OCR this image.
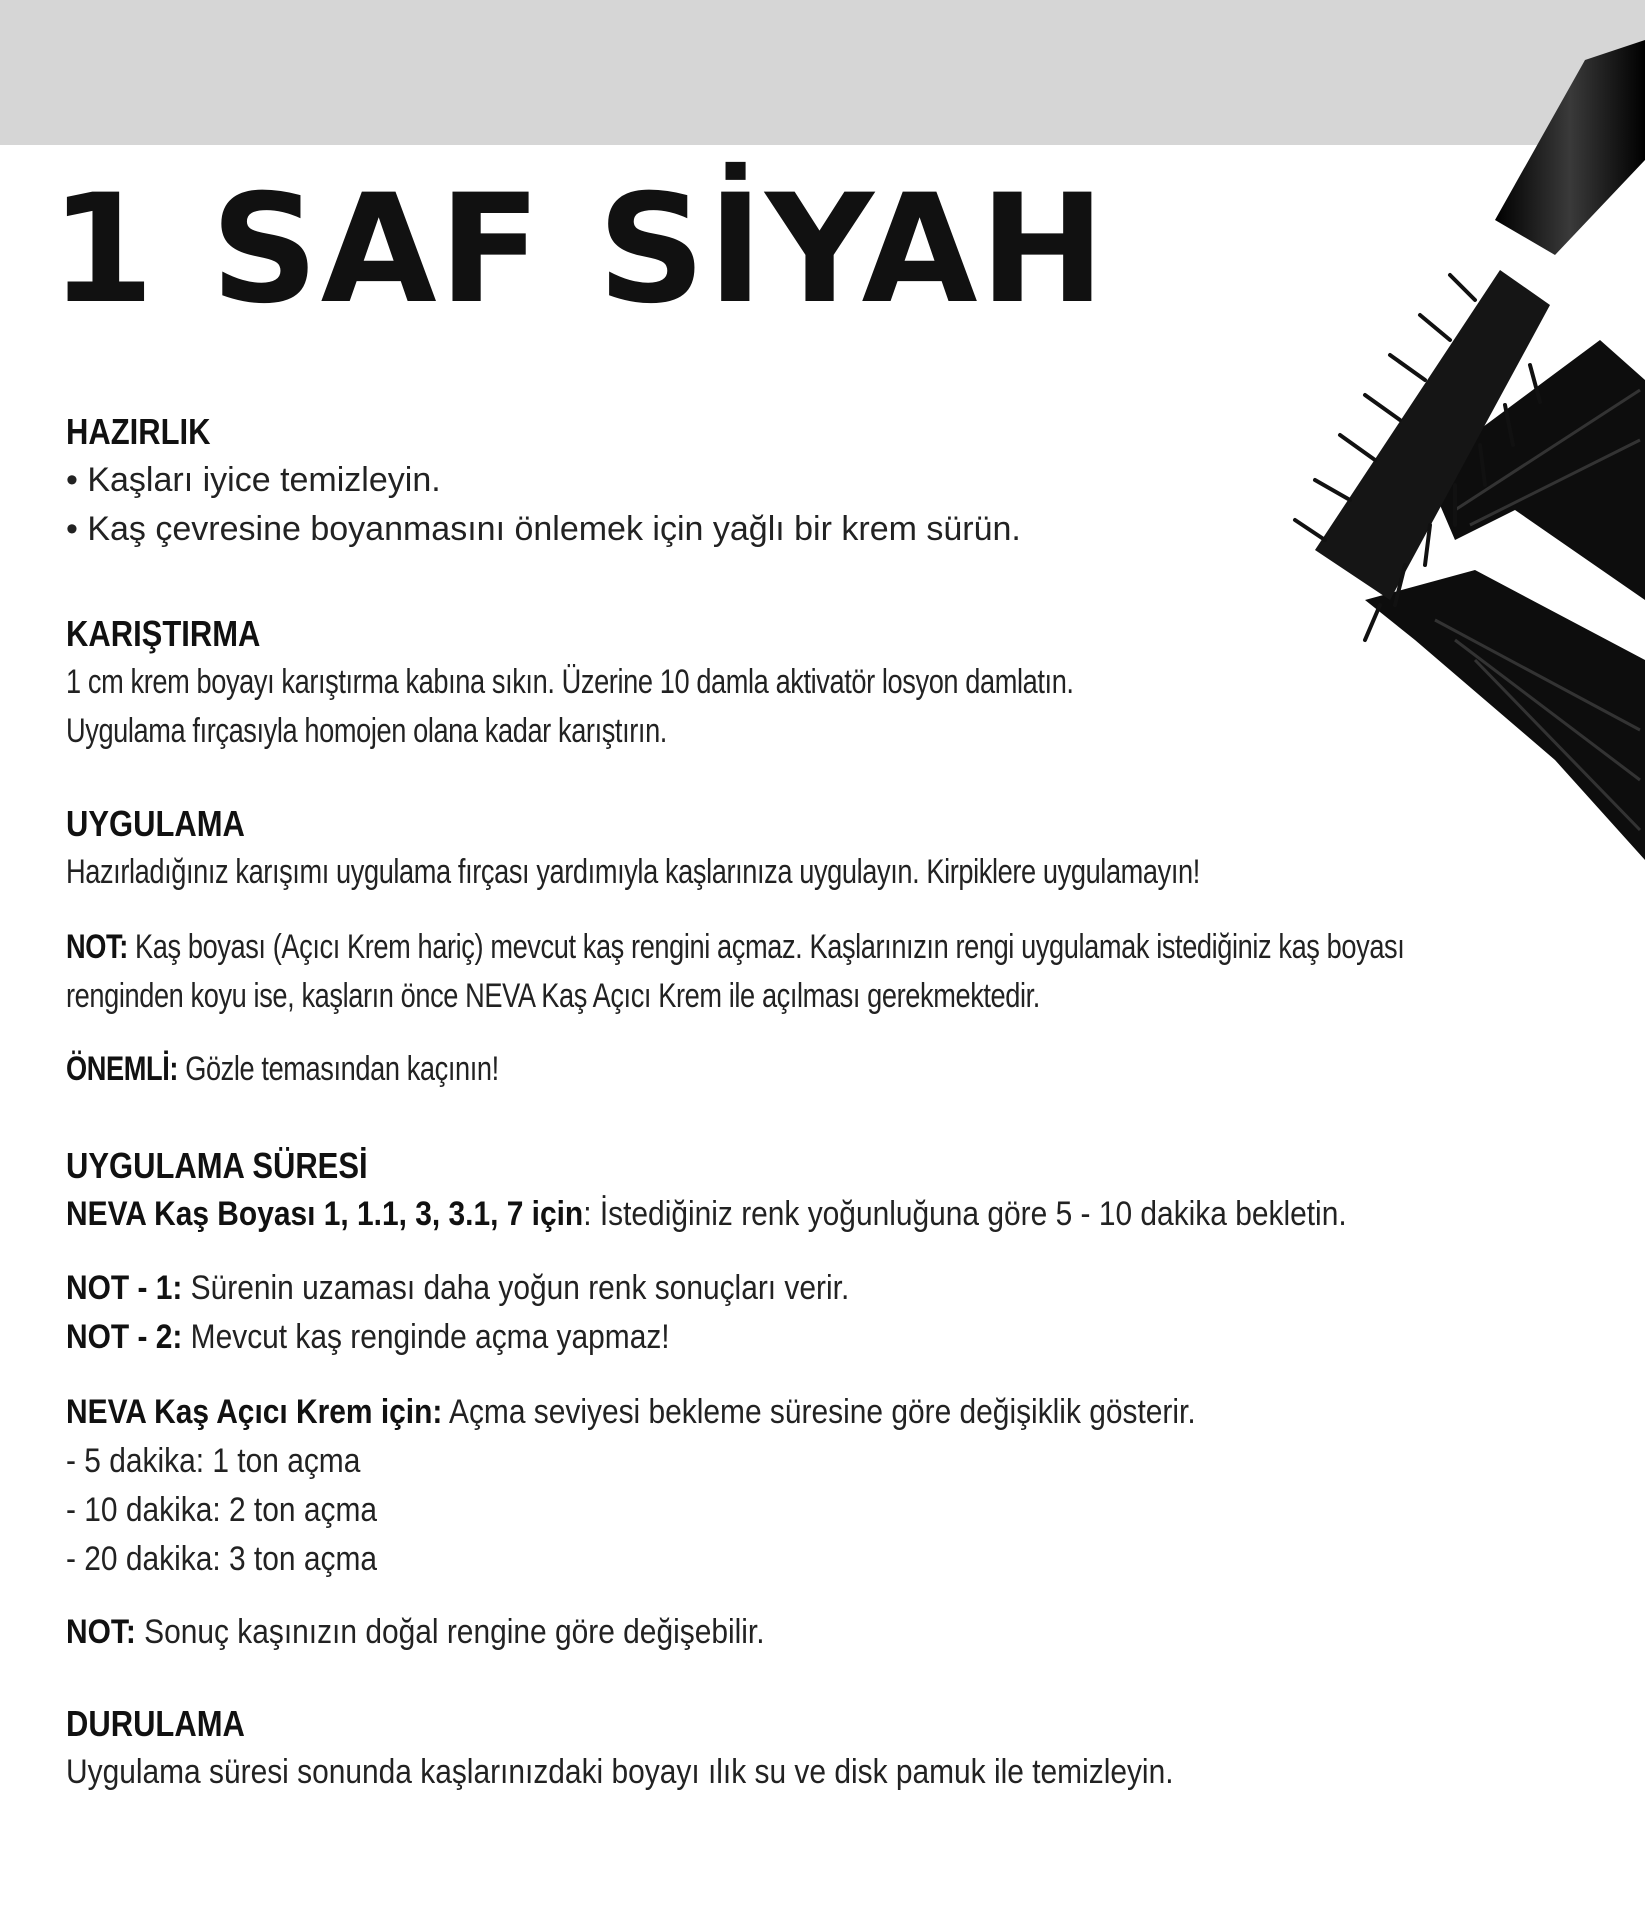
1 SAF SİYAH
HAZIRLIK
• Kaşları iyice temizleyin.
• Kaş çevresine boyanmasını önlemek için yağlı bir krem sürün.
KARIŞTIRMA
1 cm krem boyayı karıştırma kabına sıkın. Üzerine 10 damla aktivatör losyon damlatın.
Uygulama fırçasıyla homojen olana kadar karıştırın.
UYGULAMA
Hazırladığınız karışımı uygulama fırçası yardımıyla kaşlarınıza uygulayın. Kirpiklere uygulamayın!
NOT: Kaş boyası (Açıcı Krem hariç) mevcut kaş rengini açmaz. Kaşlarınızın rengi uygulamak istediğiniz kaş boyası
renginden koyu ise, kaşların önce NEVA Kaş Açıcı Krem ile açılması gerekmektedir.
ÖNEMLİ: Gözle temasından kaçının!
UYGULAMA SÜRESİ
NEVA Kaş Boyası 1, 1.1, 3, 3.1, 7 için: İstediğiniz renk yoğunluğuna göre 5 - 10 dakika bekletin.
NOT - 1: Sürenin uzaması daha yoğun renk sonuçları verir.
NOT - 2: Mevcut kaş renginde açma yapmaz!
NEVA Kaş Açıcı Krem için: Açma seviyesi bekleme süresine göre değişiklik gösterir.
- 5 dakika: 1 ton açma
- 10 dakika: 2 ton açma
- 20 dakika: 3 ton açma
NOT: Sonuç kaşınızın doğal rengine göre değişebilir.
DURULAMA
Uygulama süresi sonunda kaşlarınızdaki boyayı ılık su ve disk pamuk ile temizleyin.
